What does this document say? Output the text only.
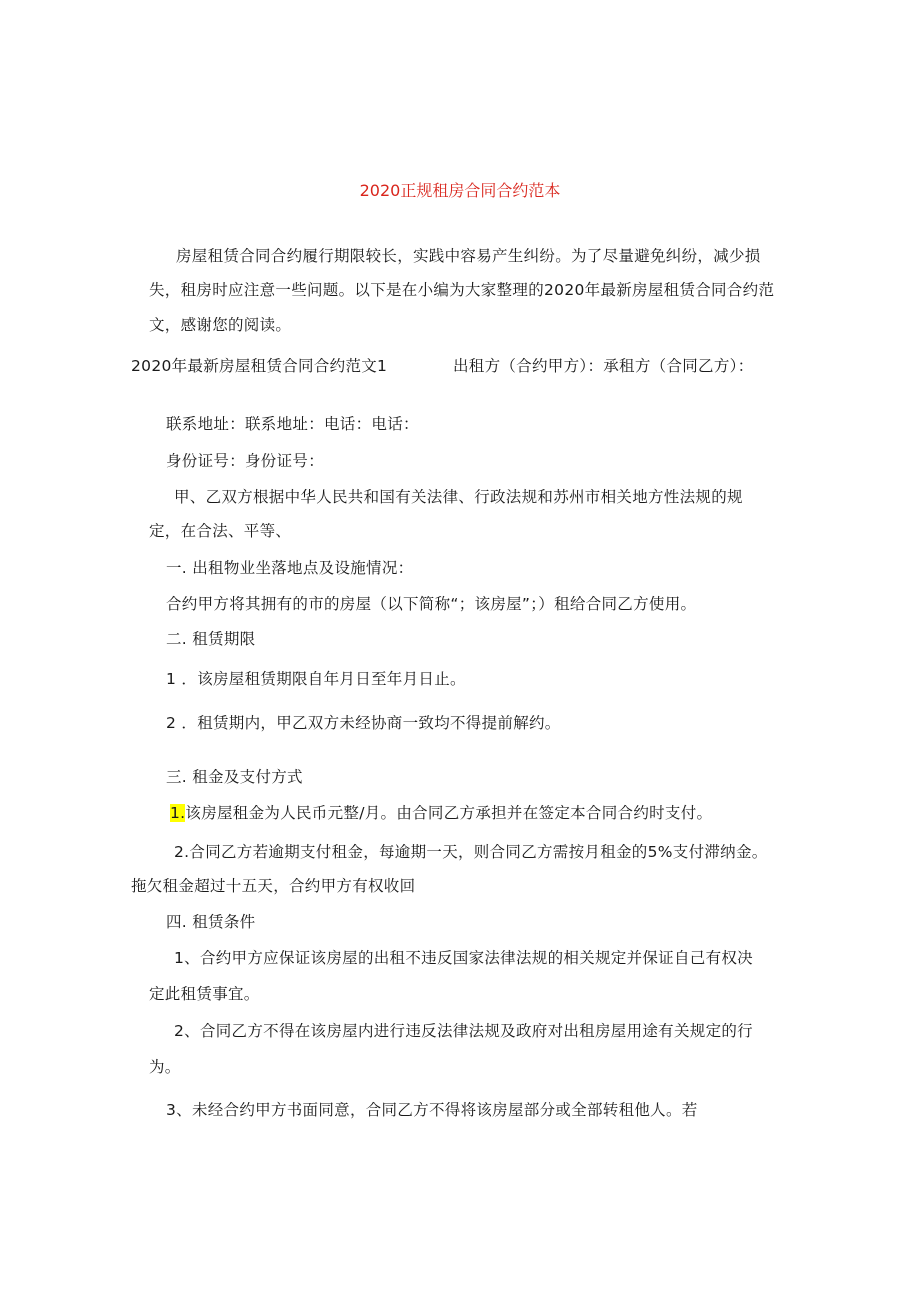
2020正规租房合同合约范本
房屋租赁合同合约履行期限较长，实践中容易产生纠纷。为了尽量避免纠纷，减少损
失，租房时应注意一些问题。以下是在小编为大家整理的2020年最新房屋租赁合同合约范
文，感谢您的阅读。
2020年最新房屋租赁合同合约范文1	出租方（合约甲方）：承租方（合同乙方）：
联系地址：联系地址：电话：电话：
身份证号：身份证号：
甲、乙双方根据中华人民共和国有关法律、行政法规和苏州市相关地方性法规的规
定，在合法、平等、
一. 出租物业坐落地点及设施情况：
合约甲方将其拥有的市的房屋（以下简称“；该房屋”；）租给合同乙方使用。
二. 租赁期限
1 ．该房屋租赁期限自年月日至年月日止。
2 ．租赁期内，甲乙双方未经协商一致均不得提前解约。
三. 租金及支付方式
1.该房屋租金为人民币元整/月。由合同乙方承担并在签定本合同合约时支付。
2.合同乙方若逾期支付租金，每逾期一天，则合同乙方需按月租金的5%支付滞纳金。
拖欠租金超过十五天，合约甲方有权收回
四. 租赁条件
1、合约甲方应保证该房屋的出租不违反国家法律法规的相关规定并保证自己有权决
定此租赁事宜。
2、合同乙方不得在该房屋内进行违反法律法规及政府对出租房屋用途有关规定的行
为。
3、未经合约甲方书面同意，合同乙方不得将该房屋部分或全部转租他人。若
